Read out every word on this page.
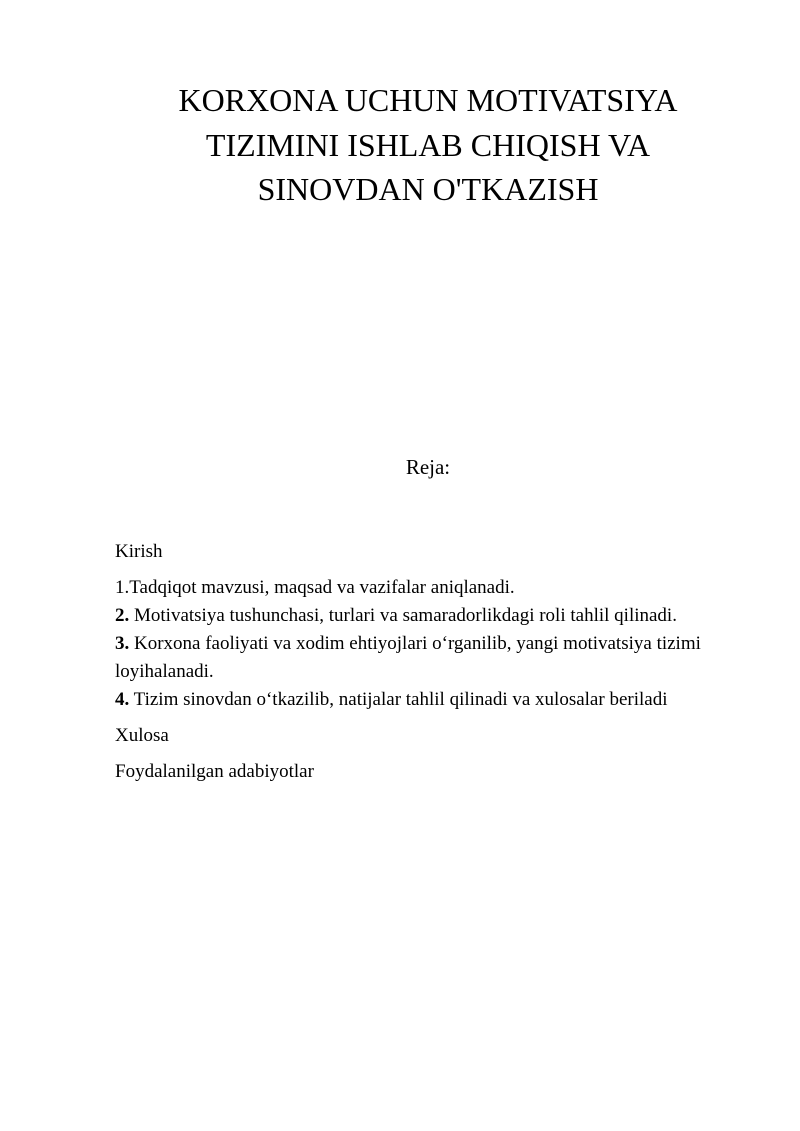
KORXONA UCHUN MOTIVATSIYA
TIZIMINI ISHLAB CHIQISH VA
SINOVDAN O'TKAZISH
Reja:

Kirish

1.Tadqiqot mavzusi, maqsad va vazifalar aniqlanadi.

2. Motivatsiya tushunchasi, turlari va samaradorlikdagi roli tahlil qilinadi.

3. Korxona faoliyati va xodim ehtiyojlari o‘rganilib, yangi motivatsiya tizimi loyihalanadi.

4. Tizim sinovdan o‘tkazilib, natijalar tahlil qilinadi va xulosalar beriladi

Xulosa

Foydalanilgan adabiyotlar
